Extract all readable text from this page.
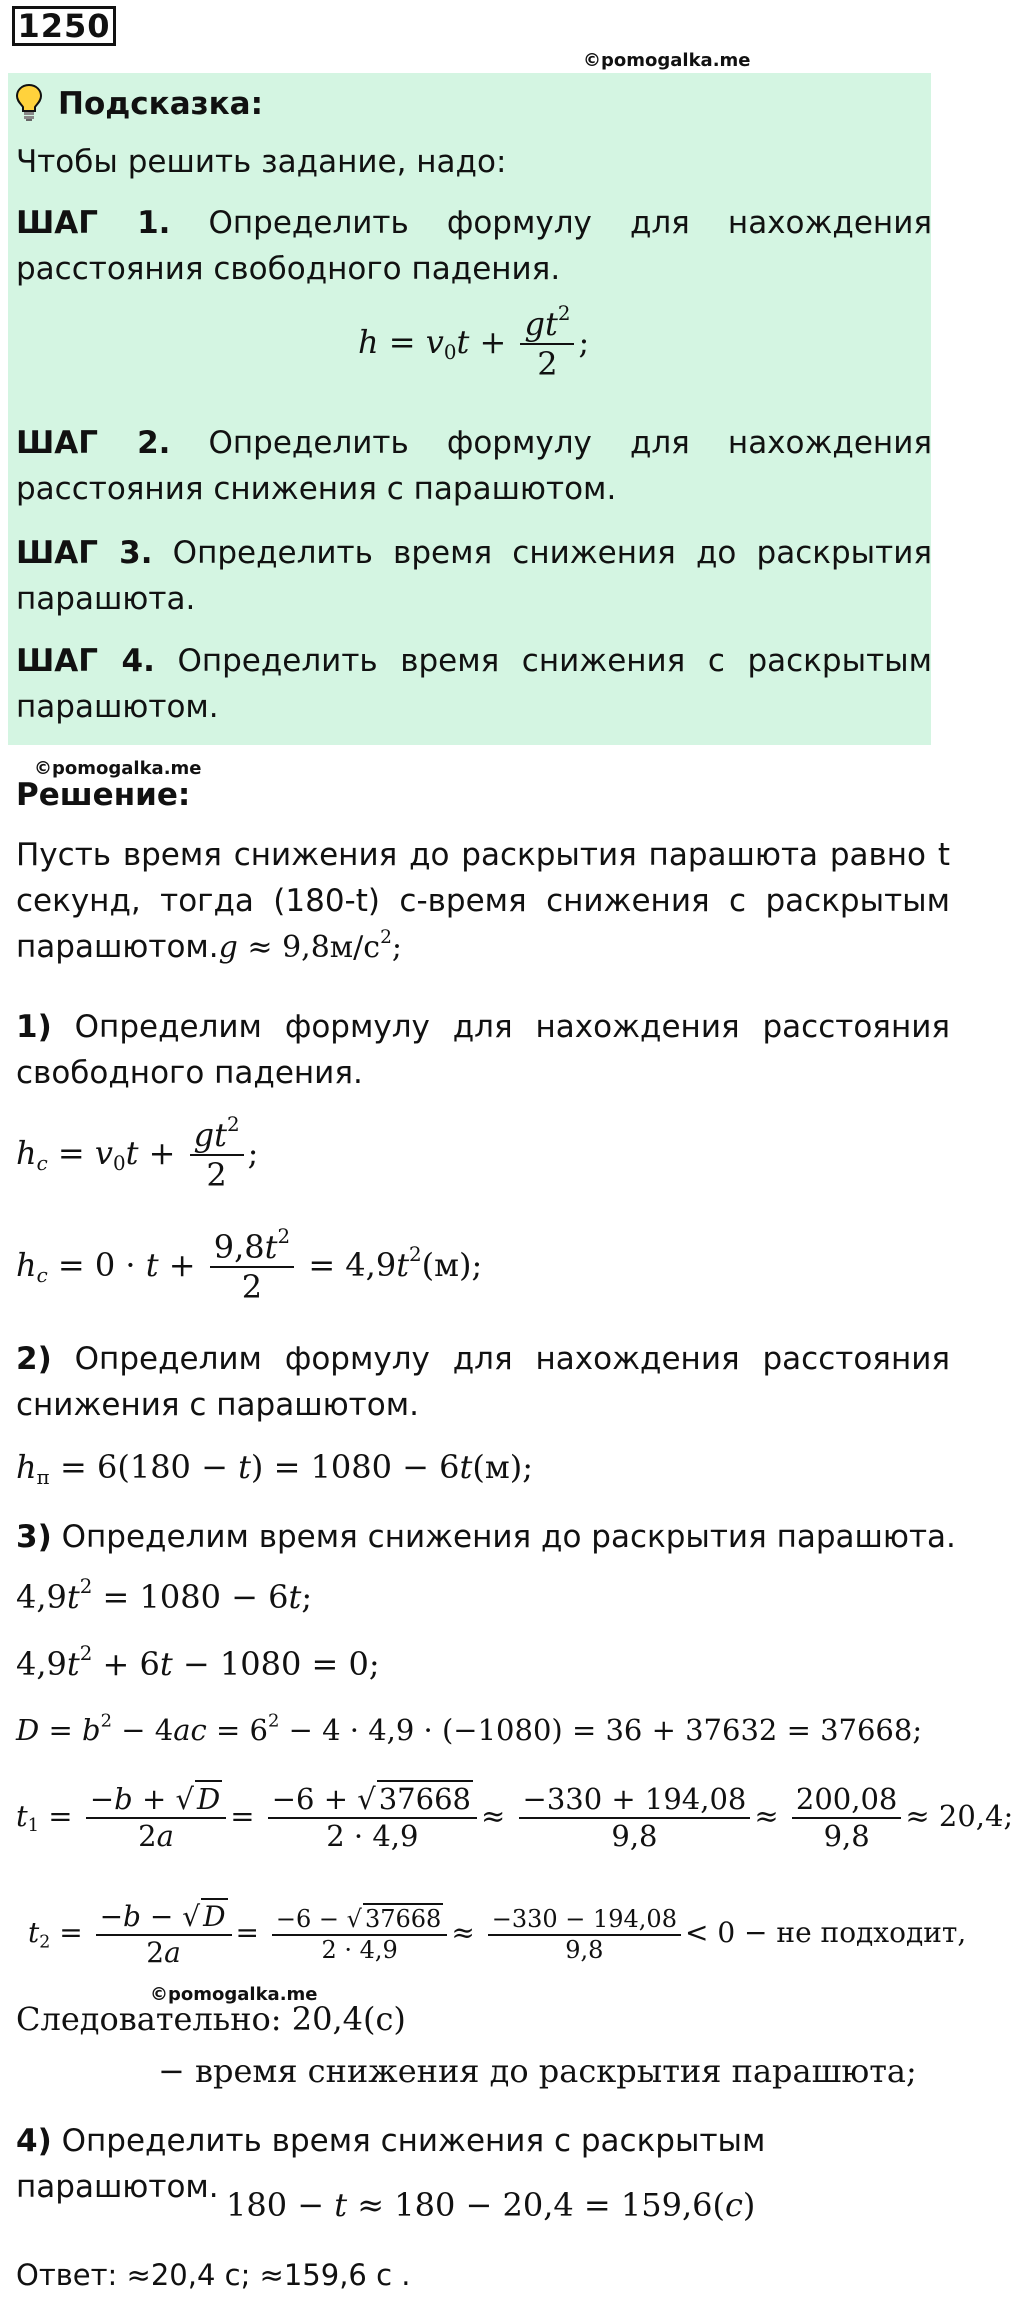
1250
©pomogalka.me
Подсказка:
Чтобы решить задание, надо:
ШАГ 1. Определить формулу для нахождения расстояния свободного падения.
$h = v_0t + \frac{gt^2}{2}$ ;
ШАГ 2. Определить формулу для нахождения расстояния снижения с парашютом.
ШАГ 3. Определить время снижения до раскрытия парашюта.
ШАГ 4. Определить время снижения с раскрытым парашютом.
©pomogalka.me
Решение:
Пусть время снижения до раскрытия парашюта равно t секунд, тогда (180-t) с-время снижения с раскрытым парашютом.g ≈ $9,8м/с^2$;
1) Определим формулу для нахождения расстояния свободного падения.
$h_c = v_0t + \frac{gt^2}{2}$ ;
$h_c = 0 \cdot t + \frac{9,8t^2}{2} = 4,9t^2(м)$;
2) Определим формулу для нахождения расстояния снижения с парашютом.
$h_п = 6(180 - t) = 1080 - 6t(м)$;
3) Определим время снижения до раскрытия парашюта.
$4,9t^2 = 1080 - 6t$;
$4,9t^2 + 6t - 1080 = 0$;
$D = b^2 - 4ac = 6^2 - 4 \cdot 4,9 \cdot (-1080) = 36 + 37632 = 37668$;
$t_1 = \frac{-b + √ D}{2a} = \frac{-6 + √ 37668}{2 \cdot 4,9} \approx \frac{-330 + 194,08}{9,8} \approx \frac{200,08}{9,8} \approx 20,4$;
$t_2 = \frac{-b - √ D}{2a} = \frac{-6 - √ 37668}{2 \cdot 4,9} \approx \frac{-330 - 194,08}{9,8} < 0$ − не подходит,
©pomogalka.me
Следовательно: 20,4(с)
− время снижения до раскрытия парашюта;
4) Определить время снижения с раскрытым парашютом. 180 − t ≈ 180 − 20,4 = 159,6(с)
Ответ: ≈20,4 с; ≈159,6 с .
